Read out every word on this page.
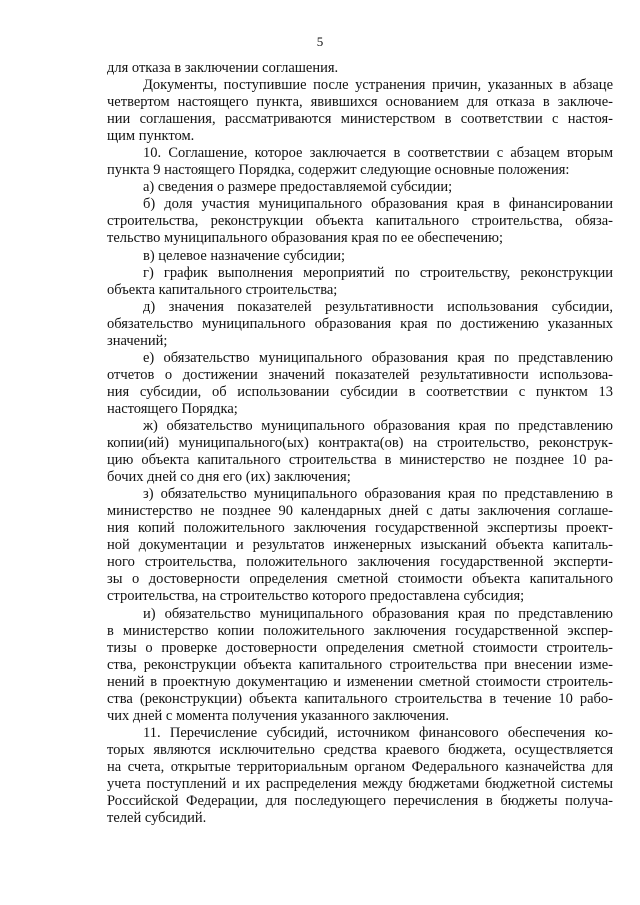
5
для отказа в заключении соглашения.
Документы, поступившие после устранения причин, указанных в абзаце
четвертом настоящего пункта, явившихся основанием для отказа в заключе-
нии соглашения, рассматриваются министерством в соответствии с настоя-
щим пунктом.
10. Соглашение, которое заключается в соответствии с абзацем вторым
пункта 9 настоящего Порядка, содержит следующие основные положения:
а) сведения о размере предоставляемой субсидии;
б) доля участия муниципального образования края в финансировании
строительства, реконструкции объекта капитального строительства, обяза-
тельство муниципального образования края по ее обеспечению;
в) целевое назначение субсидии;
г) график выполнения мероприятий по строительству, реконструкции
объекта капитального строительства;
д) значения показателей результативности использования субсидии,
обязательство муниципального образования края по достижению указанных
значений;
е) обязательство муниципального образования края по представлению
отчетов о достижении значений показателей результативности использова-
ния субсидии, об использовании субсидии в соответствии с пунктом 13
настоящего Порядка;
ж) обязательство муниципального образования края по представлению
копии(ий) муниципального(ых) контракта(ов) на строительство, реконструк-
цию объекта капитального строительства в министерство не позднее 10 ра-
бочих дней со дня его (их) заключения;
з) обязательство муниципального образования края по представлению в
министерство не позднее 90 календарных дней с даты заключения соглаше-
ния копий положительного заключения государственной экспертизы проект-
ной документации и результатов инженерных изысканий объекта капиталь-
ного строительства, положительного заключения государственной эксперти-
зы о достоверности определения сметной стоимости объекта капитального
строительства, на строительство которого предоставлена субсидия;
и) обязательство муниципального образования края по представлению
в министерство копии положительного заключения государственной экспер-
тизы о проверке достоверности определения сметной стоимости строитель-
ства, реконструкции объекта капитального строительства при внесении изме-
нений в проектную документацию и изменении сметной стоимости строитель-
ства (реконструкции) объекта капитального строительства в течение 10 рабо-
чих дней с момента получения указанного заключения.
11. Перечисление субсидий, источником финансового обеспечения ко-
торых являются исключительно средства краевого бюджета, осуществляется
на счета, открытые территориальным органом Федерального казначейства для
учета поступлений и их распределения между бюджетами бюджетной системы
Российской Федерации, для последующего перечисления в бюджеты получа-
телей субсидий.
